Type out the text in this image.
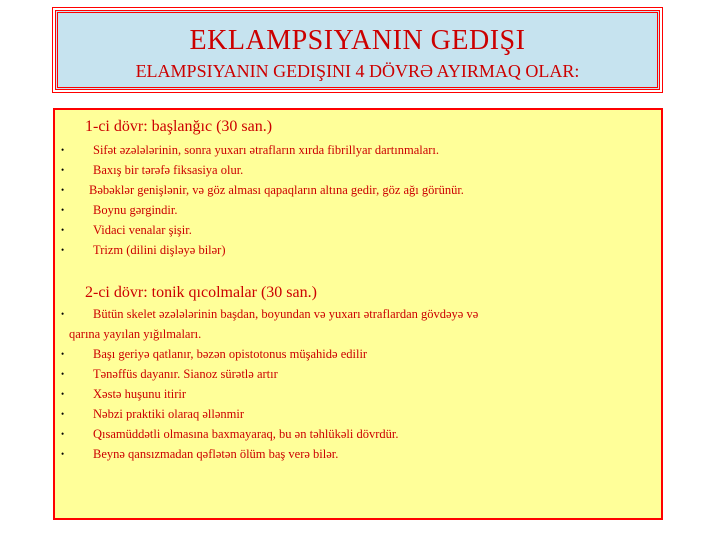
EKLAMPSIYANIN GEDIŞI
ELAMPSIYANIN GEDIŞINI 4 DÖVRƏ AYIRMAQ OLAR:
1-ci dövr: başlanğıc (30 san.)
•	Sifət əzələlərinin, sonra yuxarı ətrafların xırda fibrillyar dartınmaları.
•	Baxış bir tərəfə fiksasiya olur.
•	Bəbəklər genişlənir, və göz alması qapaqların altına gedir, göz ağı görünür.
•	Boynu gərgindir.
•	Vidaci venalar şişir.
•	Trizm (dilini dişləyə bilər)
2-ci dövr: tonik qıcolmalar (30 san.)
•	Bütün skelet əzələlərinin başdan, boyundan və yuxarı ətraflardan gövdəyə və qarına yayılan yığılmaları.
•	Başı geriyə qatlanır, bəzən opistotonus müşahidə edilir
•	Tənəffüs dayanır. Sianoz sürətlə artır
•	Xəstə huşunu itirir
•	Nəbzi praktiki olaraq əllənmir
•	Qısamüddətli olmasına baxmayaraq, bu ən təhlükəli dövrdür.
•	Beynə qansızmadan qəflətən ölüm baş verə bilər.
